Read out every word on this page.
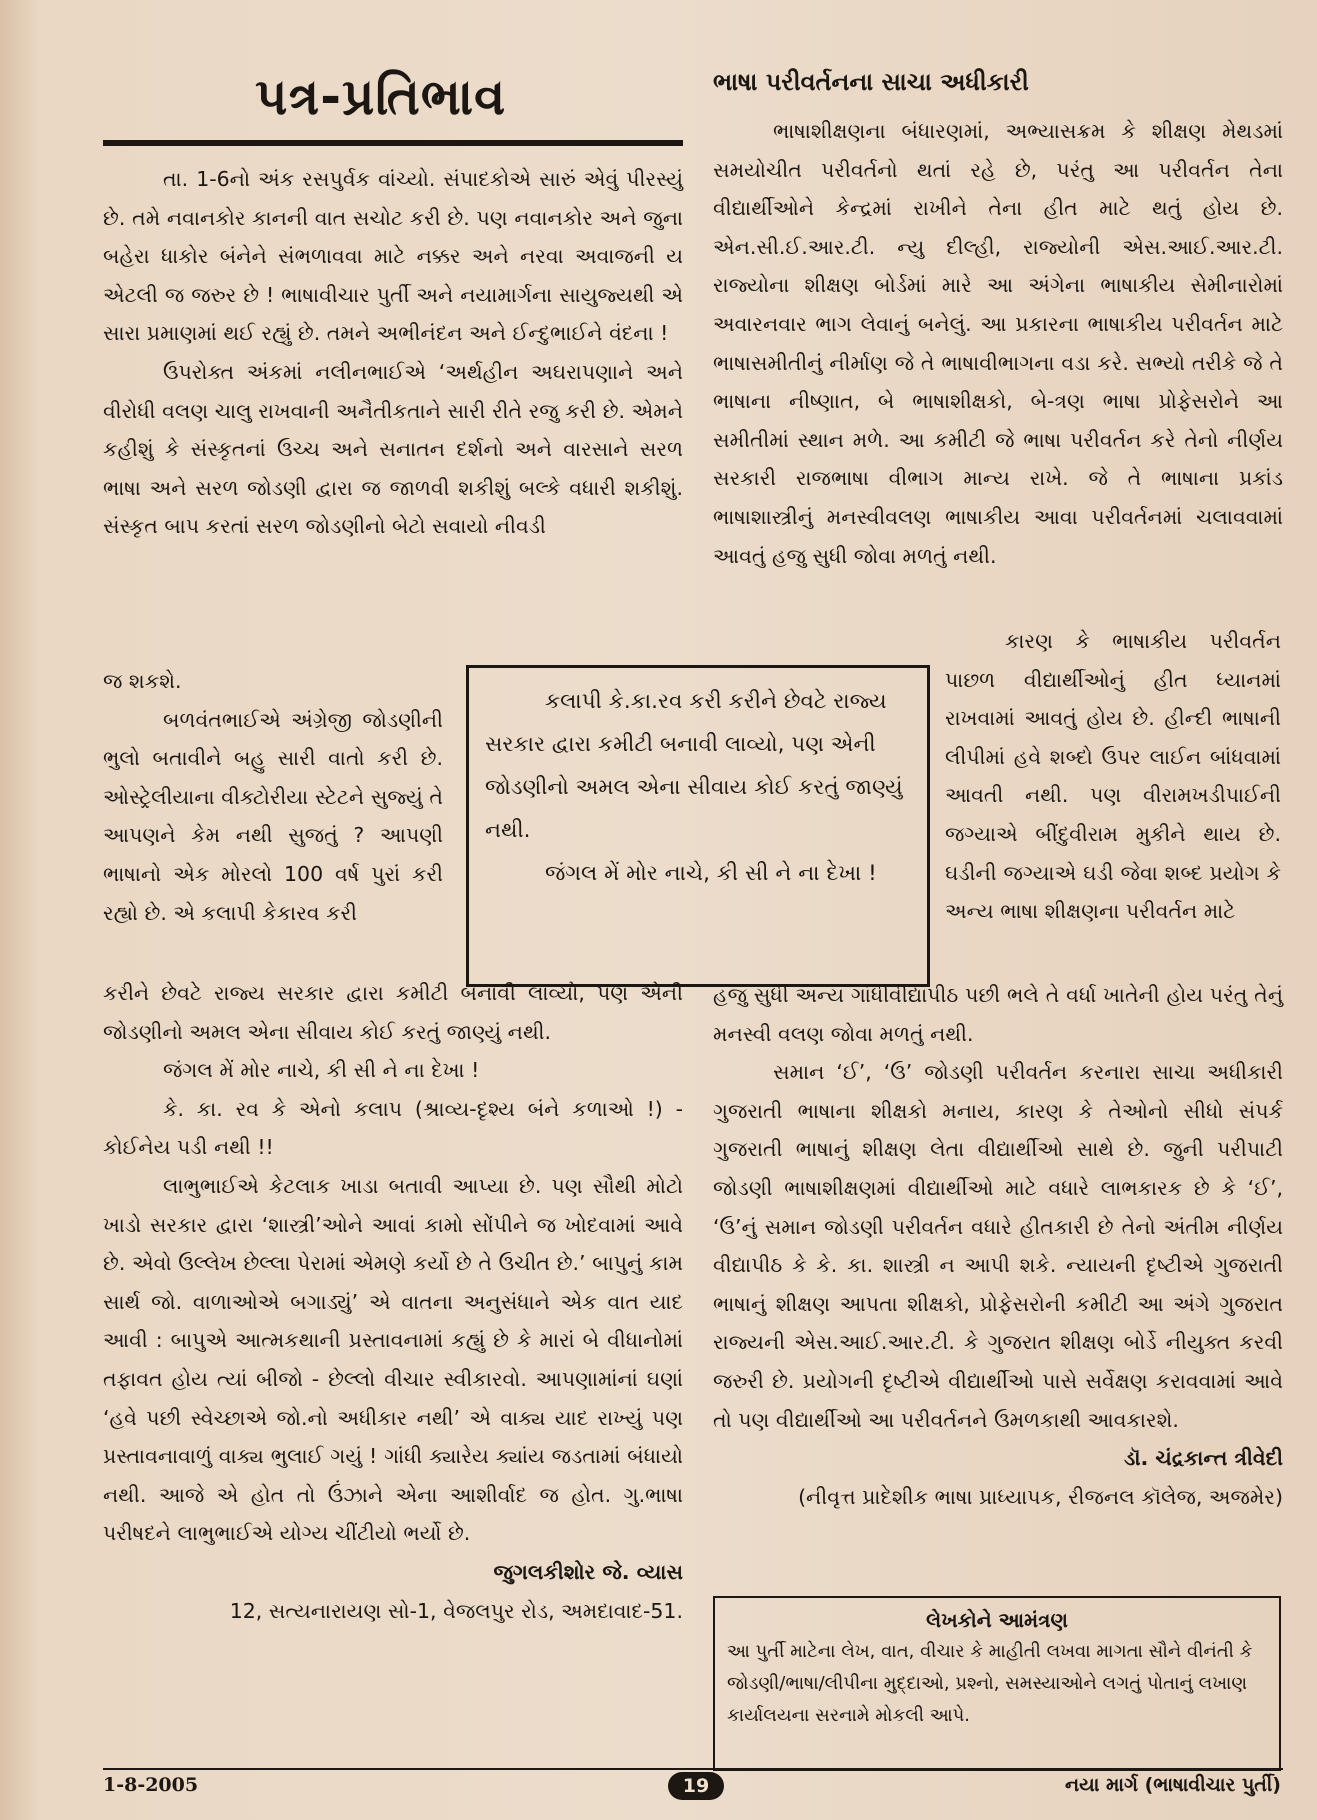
પત્ર-પ્રતિભાવ

તા. 1-6નો અંક રસપુર્વક વાંચ્યો. સંપાદકોએ સારું એવું પીરસ્યું છે. તમે નવાનકોર કાનની વાત સચોટ કરી છે. પણ નવાનકોર અને જુના બહેરા ધાકોર બંનેને સંભળાવવા માટે નક્કર અને નરવા અવાજની ય એટલી જ જરુર છે ! ભાષાવીચાર પુર્તી અને નયામાર્ગના સાયુજ્યથી એ સારા પ્રમાણમાં થઈ રહ્યું છે. તમને અભીનંદન અને ઈન્દુભાઈને વંદના !

ઉપરોક્ત અંકમાં નલીનભાઈએ ‘અર્થહીન અઘરાપણાને અને વીરોધી વલણ ચાલુ રાખવાની અનૈતીકતાને સારી રીતે રજુ કરી છે. એમને કહીશું કે સંસ્કૃતનાં ઉચ્ચ અને સનાતન દર્શનો અને વારસાને સરળ ભાષા અને સરળ જોડણી દ્વારા જ જાળવી શકીશું બલ્કે વધારી શકીશું. સંસ્કૃત બાપ કરતાં સરળ જોડણીનો બેટો સવાયો નીવડી

જ શકશે.

બળવંતભાઈએ અંગ્રેજી જોડણીની ભુલો બતાવીને બહુ સારી વાતો કરી છે. ઓસ્ટ્રેલીયાના વીક્ટોરીયા સ્ટેટને સુજ્યું તે આપણને કેમ નથી સુજતું ? આપણી ભાષાનો એક મોરલો 100 વર્ષ પુરાં કરી રહ્યો છે. એ કલાપી કેકારવ કરી

કલાપી કે.કા.રવ કરી કરીને છેવટે રાજ્ય સરકાર દ્વારા કમીટી બનાવી લાવ્યો, પણ એની જોડણીનો અમલ એના સીવાય કોઈ કરતું જાણ્યું નથી.
જંગલ મેં મોર નાચે, કી સી ને ના દેખા !

કરીને છેવટે રાજ્ય સરકાર દ્વારા કમીટી બનાવી લાવ્યો, પણ એની જોડણીનો અમલ એના સીવાય કોઈ કરતું જાણ્યું નથી.

જંગલ મેં મોર નાચે, કી સી ને ના દેખા !

કે. કા. રવ કે એનો કલાપ (શ્રાવ્ય-દૃશ્ય બંને કળાઓ !) - કોઈનેય પડી નથી !!

લાભુભાઈએ કેટલાક ખાડા બતાવી આપ્યા છે. પણ સૌથી મોટો ખાડો સરકાર દ્વારા ‘શાસ્ત્રી’ઓને આવાં કામો સોંપીને જ ખોદવામાં આવે છે. એવો ઉલ્લેખ છેલ્લા પેરામાં એમણે કર્યો છે તે ઉચીત છે.’ બાપુનું કામ સાર્થ જો. વાળાઓએ બગાડ્યું’ એ વાતના અનુસંધાને એક વાત યાદ આવી : બાપુએ આત્મકથાની પ્રસ્તાવનામાં કહ્યું છે કે મારાં બે વીધાનોમાં તફાવત હોય ત્યાં બીજો - છેલ્લો વીચાર સ્વીકારવો. આપણામાંનાં ઘણાં ‘હવે પછી સ્વેચ્છાએ જો.નો અધીકાર નથી’ એ વાક્ય યાદ રાખ્યું પણ પ્રસ્તાવનાવાળું વાક્ય ભુલાઈ ગયું ! ગાંધી ક્યારેય ક્યાંય જડતામાં બંધાયો નથી. આજે એ હોત તો ઉંઝાને એના આશીર્વાદ જ હોત. ગુ.ભાષા પરીષદને લાભુભાઈએ યોગ્ય ચીંટીયો ભર્યો છે.

જુગલકીશોર જે. વ્યાસ

12, સત્યનારાયણ સો-1, વેજલપુર રોડ, અમદાવાદ-51.

ભાષા પરીવર્તનના સાચા અધીકારી

ભાષાશીક્ષણના બંધારણમાં, અભ્યાસક્રમ કે શીક્ષણ મેથડમાં સમયોચીત પરીવર્તનો થતાં રહે છે, પરંતુ આ પરીવર્તન તેના વીદ્યાર્થીઓને કેન્દ્રમાં રાખીને તેના હીત માટે થતું હોય છે. એન.સી.ઈ.આર.ટી. ન્યુ દીલ્હી, રાજ્યોની એસ.આઈ.આર.ટી. રાજ્યોના શીક્ષણ બોર્ડમાં મારે આ અંગેના ભાષાકીય સેમીનારોમાં અવારનવાર ભાગ લેવાનું બનેલું. આ પ્રકારના ભાષાકીય પરીવર્તન માટે ભાષાસમીતીનું નીર્માણ જે તે ભાષાવીભાગના વડા કરે. સભ્યો તરીકે જે તે ભાષાના નીષ્ણાત, બે ભાષાશીક્ષકો, બે-ત્રણ ભાષા પ્રોફેસરોને આ સમીતીમાં સ્થાન મળે. આ કમીટી જે ભાષા પરીવર્તન કરે તેનો નીર્ણય સરકારી રાજભાષા વીભાગ માન્ય રાખે. જે તે ભાષાના પ્રકાંડ ભાષાશાસ્ત્રીનું મનસ્વીવલણ ભાષાકીય આવા પરીવર્તનમાં ચલાવવામાં આવતું હજુ સુધી જોવા મળતું નથી.

કારણ કે ભાષાકીય પરીવર્તન પાછળ વીદ્યાર્થીઓનું હીત ધ્યાનમાં રાખવામાં આવતું હોય છે. હીન્દી ભાષાની લીપીમાં હવે શબ્દો ઉપર લાઈન બાંધવામાં આવતી નથી. પણ વીરામખડીપાઈની જગ્યાએ બીંદુવીરામ મુકીને થાય છે. ઘડીની જગ્યાએ ઘડી જેવા શબ્દ પ્રયોગ કે અન્ય ભાષા શીક્ષણના પરીવર્તન માટે

હજુ સુધી અન્ય ગાંધીવીદ્યાપીઠ પછી ભલે તે વર્ધા ખાતેની હોય પરંતુ તેનું મનસ્વી વલણ જોવા મળતું નથી.

સમાન ‘ઈ’, ‘ઉ’ જોડણી પરીવર્તન કરનારા સાચા અધીકારી ગુજરાતી ભાષાના શીક્ષકો મનાય, કારણ કે તેઓનો સીધો સંપર્ક ગુજરાતી ભાષાનું શીક્ષણ લેતા વીદ્યાર્થીઓ સાથે છે. જુની પરીપાટી જોડણી ભાષાશીક્ષણમાં વીદ્યાર્થીઓ માટે વધારે લાભકારક છે કે ‘ઈ’, ‘ઉ’નું સમાન જોડણી પરીવર્તન વધારે હીતકારી છે તેનો અંતીમ નીર્ણય વીદ્યાપીઠ કે કે. કા. શાસ્ત્રી ન આપી શકે. ન્યાયની દૃષ્ટીએ ગુજરાતી ભાષાનું શીક્ષણ આપતા શીક્ષકો, પ્રોફેસરોની કમીટી આ અંગે ગુજરાત રાજ્યની એસ.આઈ.આર.ટી. કે ગુજરાત શીક્ષણ બોર્ડે નીયુક્ત કરવી જરુરી છે. પ્રયોગની દૃષ્ટીએ વીદ્યાર્થીઓ પાસે સર્વેક્ષણ કરાવવામાં આવે તો પણ વીદ્યાર્થીઓ આ પરીવર્તનને ઉમળકાથી આવકારશે.

ડૉ. ચંદ્રકાન્ત ત્રીવેદી

(નીવૃત્ત પ્રાદેશીક ભાષા પ્રાધ્યાપક, રીજનલ કૉલેજ, અજમેર)

લેખકોને આમંત્રણ
આ પુર્તી માટેના લેખ, વાત, વીચાર કે માહીતી લખવા માગતા સૌને વીનંતી કે જોડણી/ભાષા/લીપીના મુદ્દાઓ, પ્રશ્નો, સમસ્યાઓને લગતું પોતાનું લખાણ કાર્યાલયના સરનામે મોકલી આપે.
1-8-2005	19	નયા માર્ગ (ભાષાવીચાર પુર્તી)
